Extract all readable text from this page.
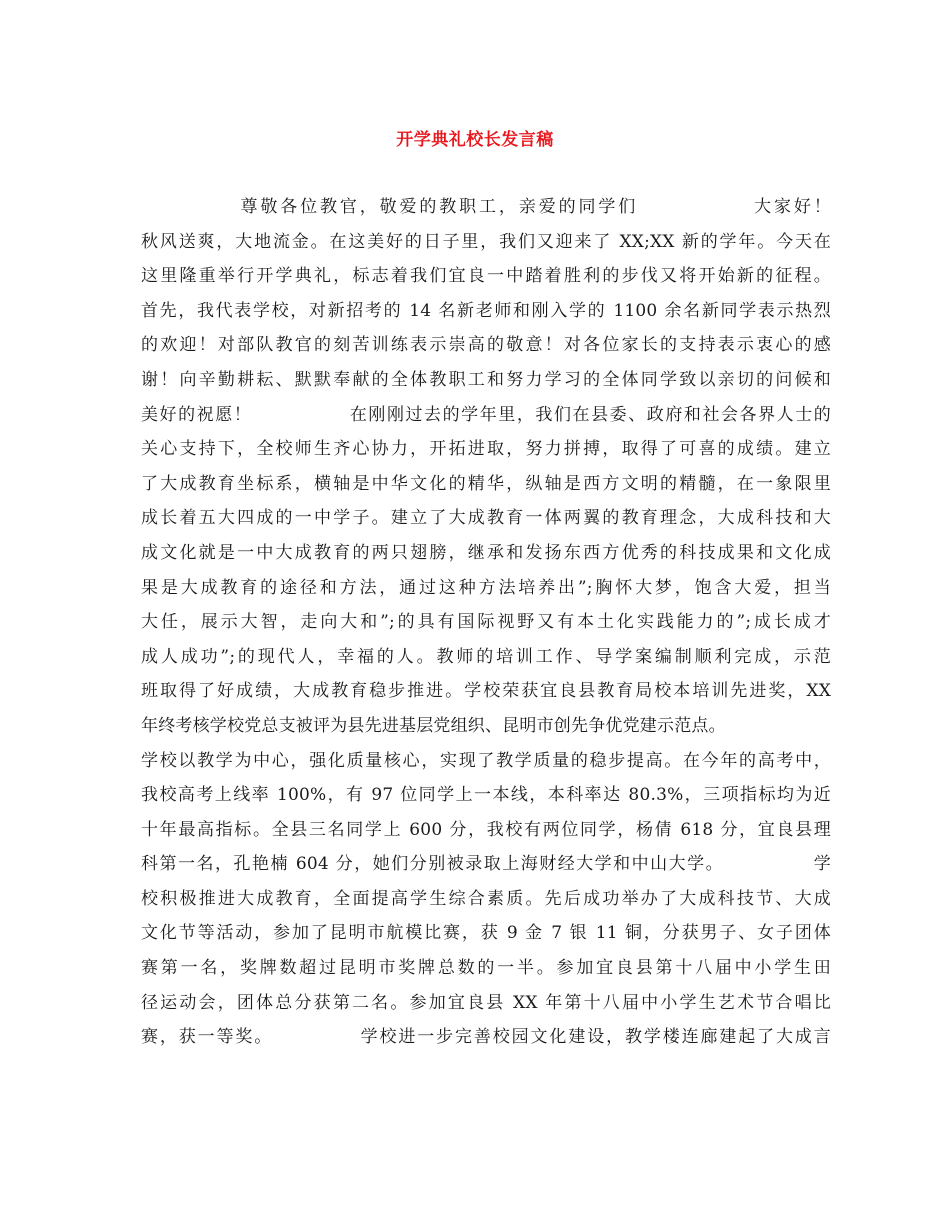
开学典礼校长发言稿
尊敬各位教官，敬爱的教职工，亲爱的同学们              大家好！
秋风送爽，大地流金。在这美好的日子里，我们又迎来了 XX;XX 新的学年。今天在
这里隆重举行开学典礼，标志着我们宜良一中踏着胜利的步伐又将开始新的征程。
首先，我代表学校，对新招考的 14 名新老师和刚入学的 1100 余名新同学表示热烈
的欢迎！对部队教官的刻苦训练表示崇高的敬意！对各位家长的支持表示衷心的感
谢！向辛勤耕耘、默默奉献的全体教职工和努力学习的全体同学致以亲切的问候和
美好的祝愿！              在刚刚过去的学年里，我们在县委、政府和社会各界人士的
关心支持下，全校师生齐心协力，开拓进取，努力拼搏，取得了可喜的成绩。建立
了大成教育坐标系，横轴是中华文化的精华，纵轴是西方文明的精髓，在一象限里
成长着五大四成的一中学子。建立了大成教育一体两翼的教育理念，大成科技和大
成文化就是一中大成教育的两只翅膀，继承和发扬东西方优秀的科技成果和文化成
果是大成教育的途径和方法，通过这种方法培养出”;胸怀大梦，饱含大爱，担当
大任，展示大智，走向大和”;的具有国际视野又有本土化实践能力的”;成长成才
成人成功”;的现代人，幸福的人。教师的培训工作、导学案编制顺利完成，示范
班取得了好成绩，大成教育稳步推进。学校荣获宜良县教育局校本培训先进奖，XX
年终考核学校党总支被评为县先进基层党组织、昆明市创先争优党建示范点。
学校以教学为中心，强化质量核心，实现了教学质量的稳步提高。在今年的高考中，
我校高考上线率 100%，有 97 位同学上一本线，本科率达 80.3%，三项指标均为近
十年最高指标。全县三名同学上 600 分，我校有两位同学，杨倩 618 分，宜良县理
科第一名，孔艳楠 604 分，她们分别被录取上海财经大学和中山大学。             学
校积极推进大成教育，全面提高学生综合素质。先后成功举办了大成科技节、大成
文化节等活动，参加了昆明市航模比赛，获 9 金 7 银 11 铜，分获男子、女子团体
赛第一名，奖牌数超过昆明市奖牌总数的一半。参加宜良县第十八届中小学生田
径运动会，团体总分获第二名。参加宜良县 XX 年第十八届中小学生艺术节合唱比
赛，获一等奖。            学校进一步完善校园文化建设，教学楼连廊建起了大成言
